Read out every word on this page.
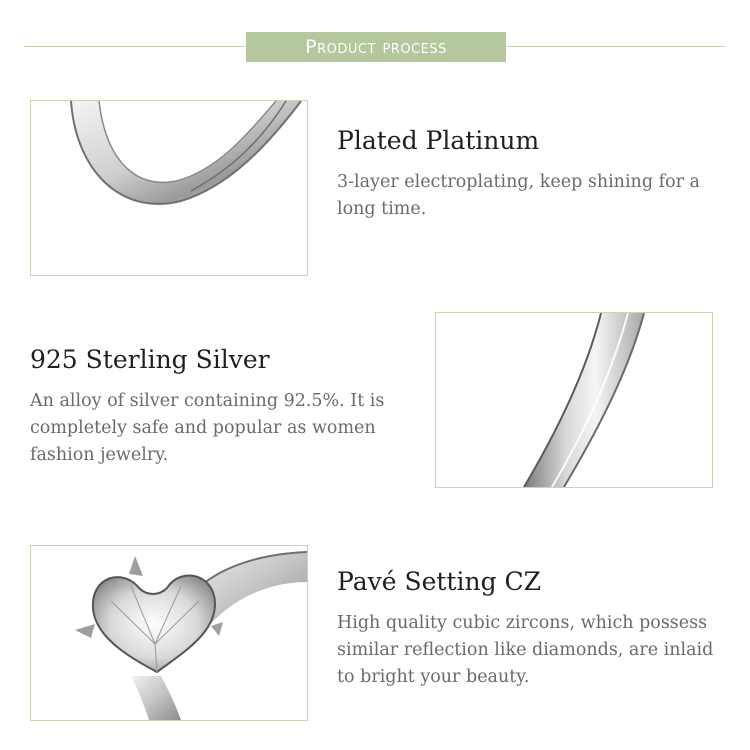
Product process
Plated Platinum
3-layer electroplating, keep shining for a long time.
925 Sterling Silver
An alloy of silver containing 92.5%. It is completely safe and popular as women fashion jewelry.
Pavé Setting CZ
High quality cubic zircons, which possess similar reflection like diamonds, are inlaid to bright your beauty.
